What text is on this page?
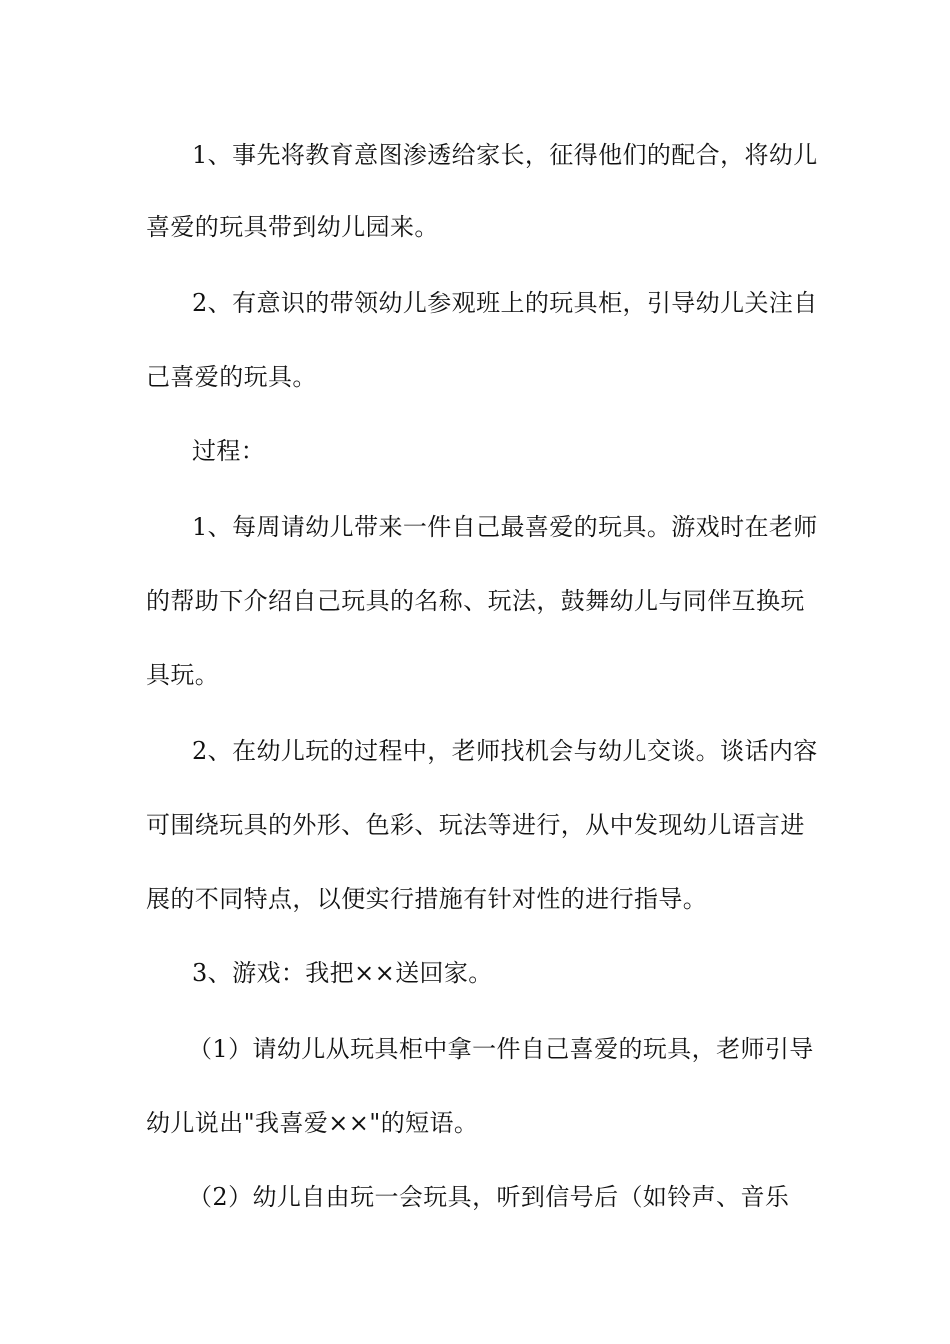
1、事先将教育意图渗透给家长，征得他们的配合，将幼儿
喜爱的玩具带到幼儿园来。
2、有意识的带领幼儿参观班上的玩具柜，引导幼儿关注自
己喜爱的玩具。
过程：
1、每周请幼儿带来一件自己最喜爱的玩具。游戏时在老师
的帮助下介绍自己玩具的名称、玩法，鼓舞幼儿与同伴互换玩
具玩。
2、在幼儿玩的过程中，老师找机会与幼儿交谈。谈话内容
可围绕玩具的外形、色彩、玩法等进行，从中发现幼儿语言进
展的不同特点，以便实行措施有针对性的进行指导。
3、游戏：我把××送回家。
（1）请幼儿从玩具柜中拿一件自己喜爱的玩具，老师引导
幼儿说出"我喜爱××"的短语。
（2）幼儿自由玩一会玩具，听到信号后（如铃声、音乐
